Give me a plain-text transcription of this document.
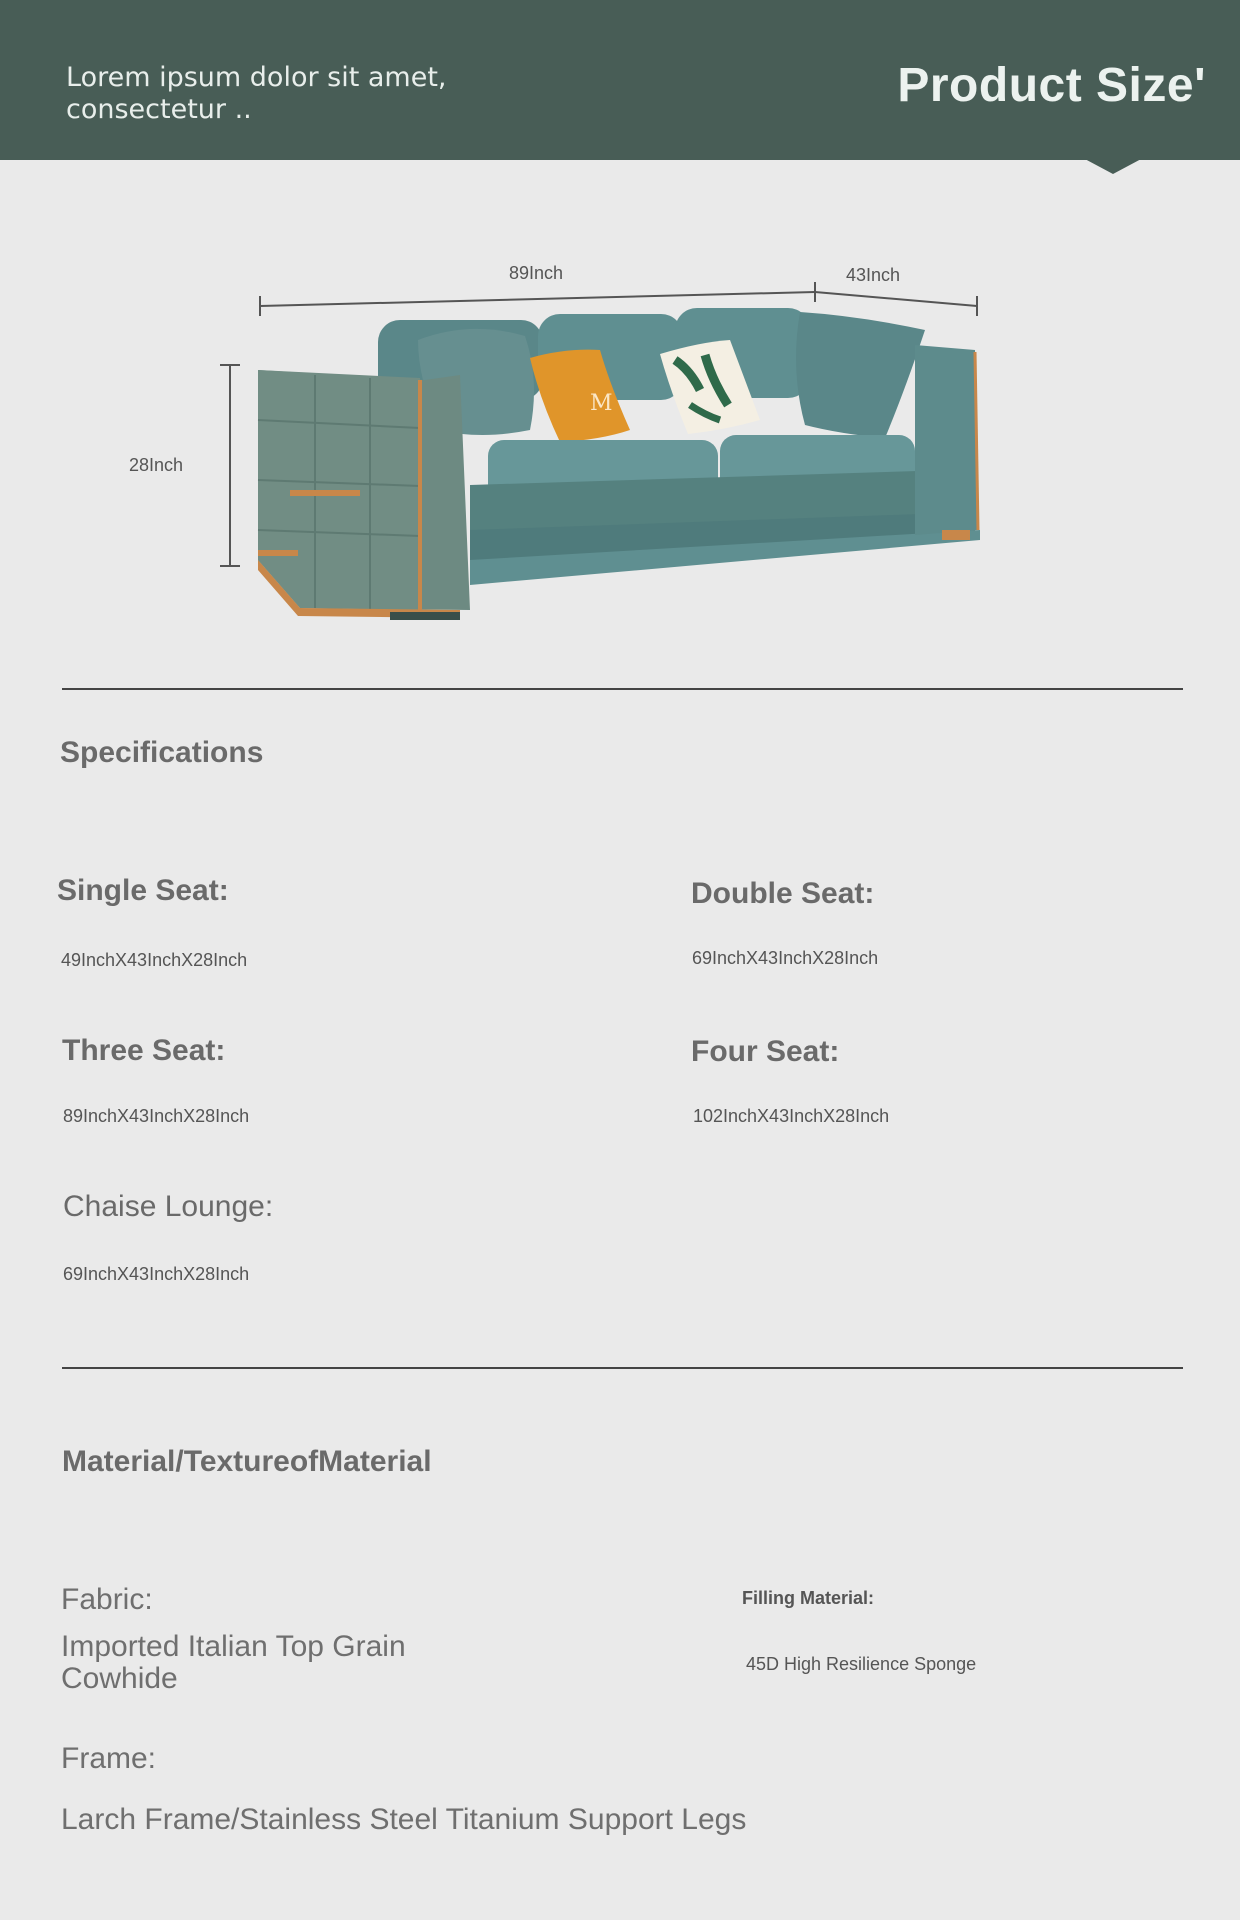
Lorem ipsum dolor sit amet, consectetur ..	Product Size'
M
89Inch	43Inch
28Inch
Specifications
Single Seat:
49InchX43InchX28Inch
Double Seat:
69InchX43InchX28Inch
Three Seat:
89InchX43InchX28Inch
Four Seat:
102InchX43InchX28Inch
Chaise Lounge:
69InchX43InchX28Inch
Material/TextureofMaterial
Fabric:
Imported Italian Top Grain Cowhide
Filling Material:
45D High Resilience Sponge
Frame:
Larch Frame/Stainless Steel Titanium Support Legs
